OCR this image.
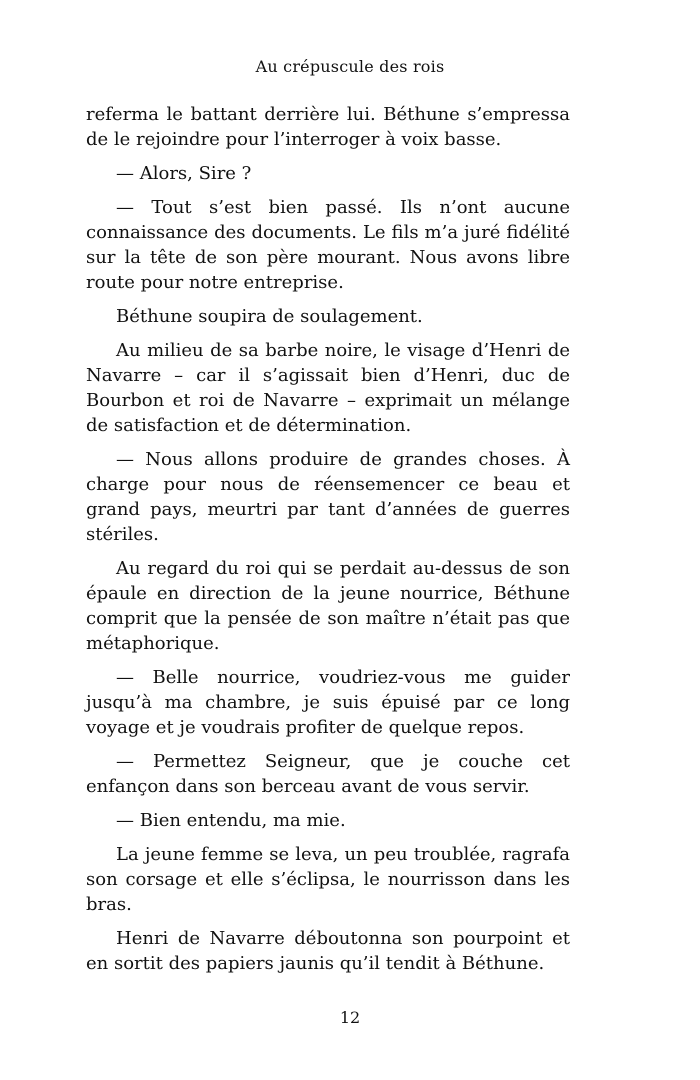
Au crépuscule des rois

referma le battant derrière lui. Béthune s’empressa de le rejoindre pour l’interroger à voix basse.

— Alors, Sire ?

— Tout s’est bien passé. Ils n’ont aucune connaissance des documents. Le fils m’a juré fidélité sur la tête de son père mourant. Nous avons libre route pour notre entreprise.

Béthune soupira de soulagement.

Au milieu de sa barbe noire, le visage d’Henri de Navarre – car il s’agissait bien d’Henri, duc de Bourbon et roi de Navarre – exprimait un mélange de satisfaction et de détermination.

— Nous allons produire de grandes choses. À charge pour nous de réensemencer ce beau et grand pays, meurtri par tant d’années de guerres stériles.

Au regard du roi qui se perdait au-dessus de son épaule en direction de la jeune nourrice, Béthune comprit que la pensée de son maître n’était pas que métaphorique.

— Belle nourrice, voudriez-vous me guider jusqu’à ma chambre, je suis épuisé par ce long voyage et je voudrais profiter de quelque repos.

— Permettez Seigneur, que je couche cet enfançon dans son berceau avant de vous servir.

— Bien entendu, ma mie.

La jeune femme se leva, un peu troublée, ragrafa son corsage et elle s’éclipsa, le nourrisson dans les bras.

Henri de Navarre déboutonna son pourpoint et en sortit des papiers jaunis qu’il tendit à Béthune.

12
